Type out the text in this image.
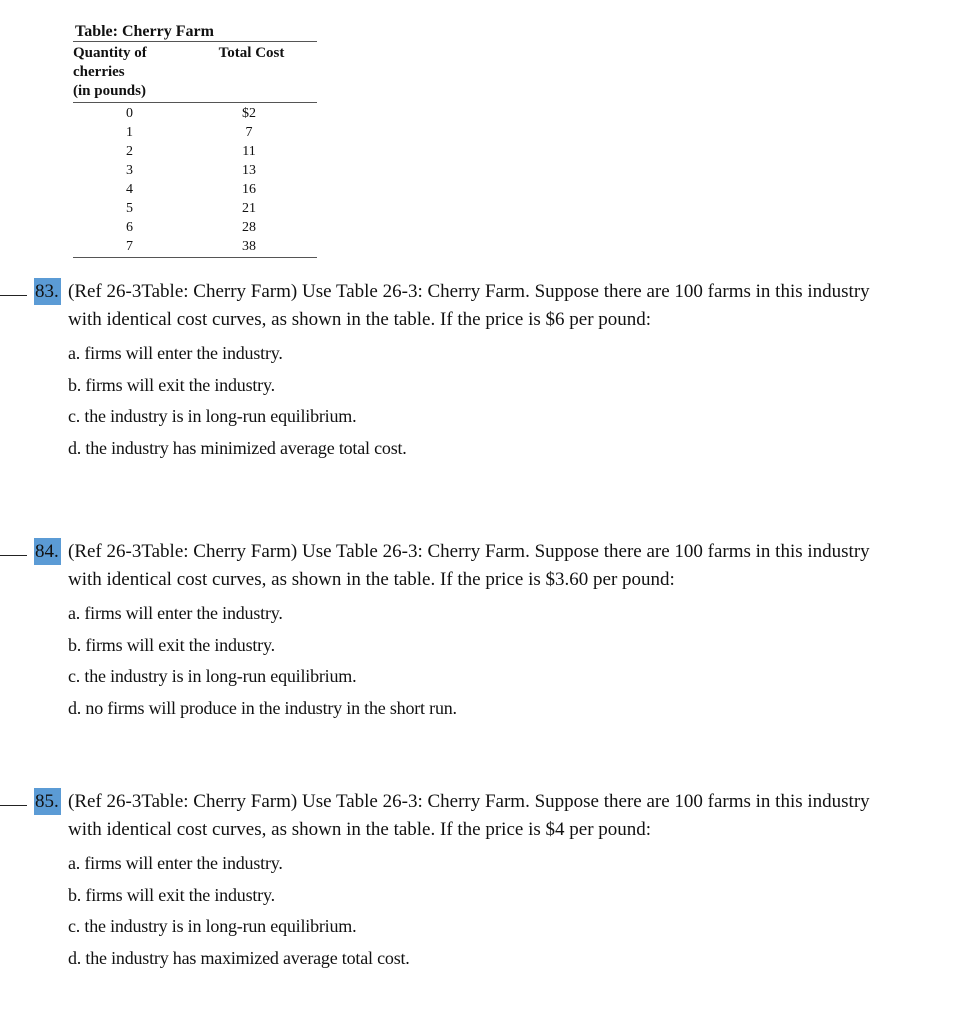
Table: Cherry Farm
Quantity of
cherries
(in pounds)
Total Cost
0	$2
1	7
2	11
3	13
4	16
5	21
6	28
7	38
83. (Ref 26-3Table: Cherry Farm) Use Table 26-3: Cherry Farm. Suppose there are 100 farms in this industry
with identical cost curves, as shown in the table. If the price is $6 per pound:
a. firms will enter the industry.
b. firms will exit the industry.
c. the industry is in long-run equilibrium.
d. the industry has minimized average total cost.
84. (Ref 26-3Table: Cherry Farm) Use Table 26-3: Cherry Farm. Suppose there are 100 farms in this industry
with identical cost curves, as shown in the table. If the price is $3.60 per pound:
a. firms will enter the industry.
b. firms will exit the industry.
c. the industry is in long-run equilibrium.
d. no firms will produce in the industry in the short run.
85. (Ref 26-3Table: Cherry Farm) Use Table 26-3: Cherry Farm. Suppose there are 100 farms in this industry
with identical cost curves, as shown in the table. If the price is $4 per pound:
a. firms will enter the industry.
b. firms will exit the industry.
c. the industry is in long-run equilibrium.
d. the industry has maximized average total cost.
